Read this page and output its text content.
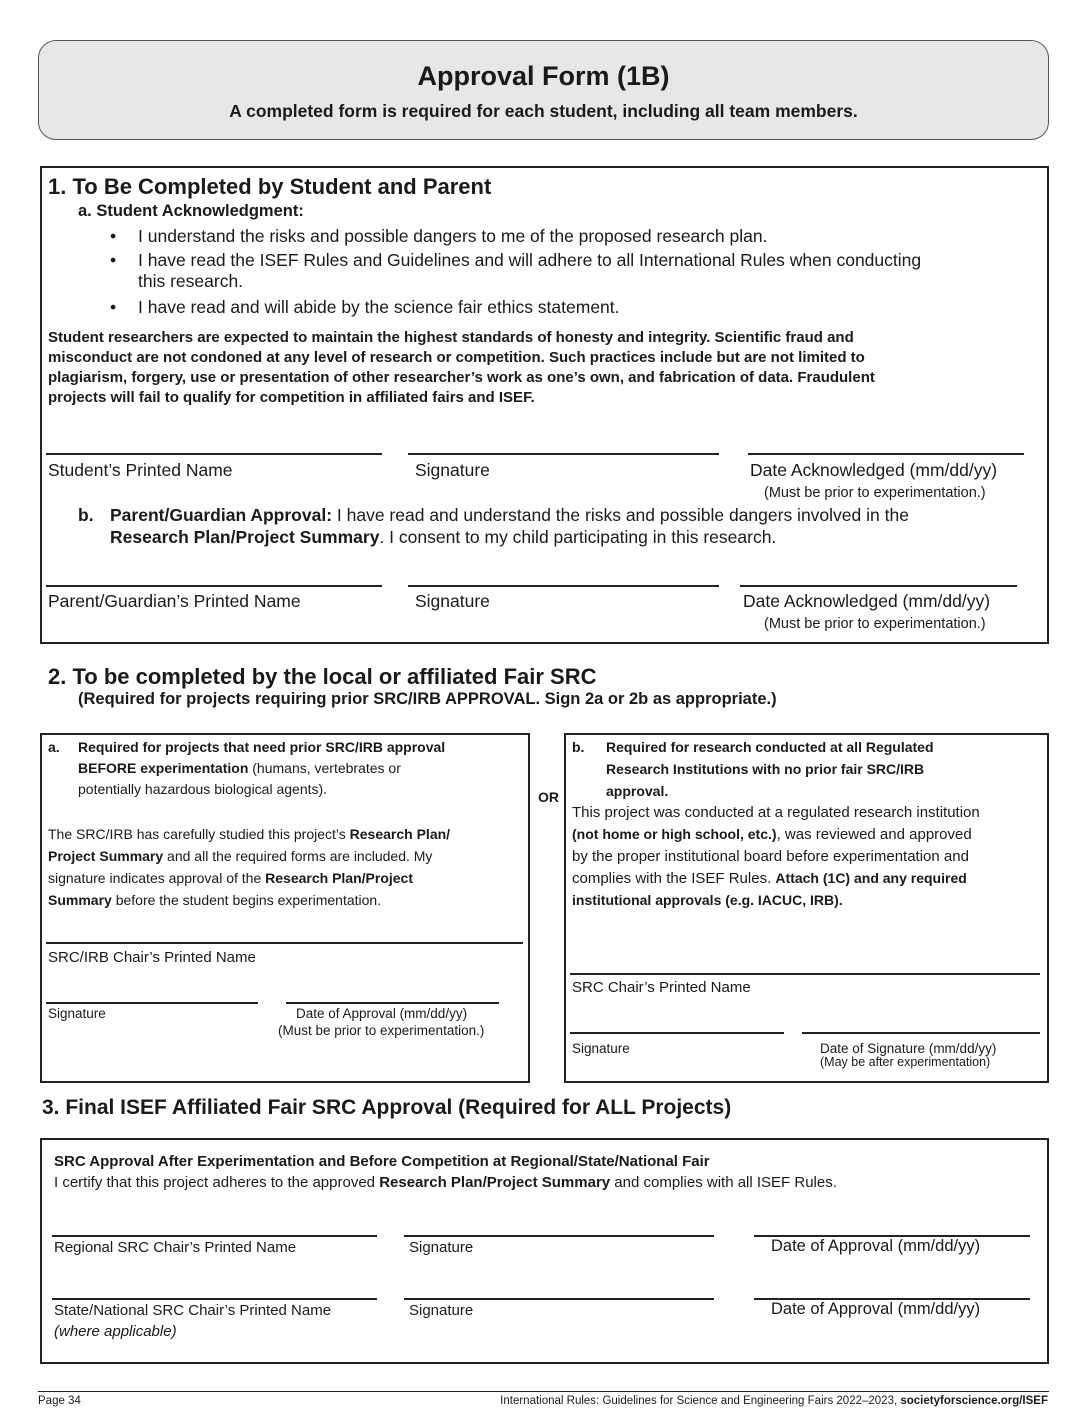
Approval Form (1B)
A completed form is required for each student, including all team members.
1. To Be Completed by Student and Parent
a. Student Acknowledgment:
• I understand the risks and possible dangers to me of the proposed research plan.
• I have read the ISEF Rules and Guidelines and will adhere to all International Rules when conducting
this research.
• I have read and will abide by the science fair ethics statement.
Student researchers are expected to maintain the highest standards of honesty and integrity. Scientific fraud and
misconduct are not condoned at any level of research or competition. Such practices include but are not limited to
plagiarism, forgery, use or presentation of other researcher’s work as one’s own, and fabrication of data. Fraudulent
projects will fail to qualify for competition in affiliated fairs and ISEF.
Student’s Printed Name	Signature	Date Acknowledged (mm/dd/yy)
(Must be prior to experimentation.)
b. Parent/Guardian Approval: I have read and understand the risks and possible dangers involved in the
Research Plan/Project Summary. I consent to my child participating in this research.
Parent/Guardian’s Printed Name	Signature	Date Acknowledged (mm/dd/yy)
(Must be prior to experimentation.)
2. To be completed by the local or affiliated Fair SRC
(Required for projects requiring prior SRC/IRB APPROVAL. Sign 2a or 2b as appropriate.)
a. Required for projects that need prior SRC/IRB approval
BEFORE experimentation (humans, vertebrates or
potentially hazardous biological agents).
The SRC/IRB has carefully studied this project’s Research Plan/
Project Summary and all the required forms are included. My
signature indicates approval of the Research Plan/Project
Summary before the student begins experimentation.
SRC/IRB Chair’s Printed Name
Signature	Date of Approval (mm/dd/yy)
(Must be prior to experimentation.)
OR
b. Required for research conducted at all Regulated
Research Institutions with no prior fair SRC/IRB
approval.
This project was conducted at a regulated research institution
(not home or high school, etc.), was reviewed and approved
by the proper institutional board before experimentation and
complies with the ISEF Rules. Attach (1C) and any required
institutional approvals (e.g. IACUC, IRB).
SRC Chair’s Printed Name
Signature	Date of Signature (mm/dd/yy)
(May be after experimentation)
3. Final ISEF Affiliated Fair SRC Approval (Required for ALL Projects)
SRC Approval After Experimentation and Before Competition at Regional/State/National Fair
I certify that this project adheres to the approved Research Plan/Project Summary and complies with all ISEF Rules.
Regional SRC Chair’s Printed Name	Signature	Date of Approval (mm/dd/yy)
State/National SRC Chair’s Printed Name
(where applicable)
Signature	Date of Approval (mm/dd/yy)
Page 34	International Rules: Guidelines for Science and Engineering Fairs 2022–2023, societyforscience.org/ISEF
